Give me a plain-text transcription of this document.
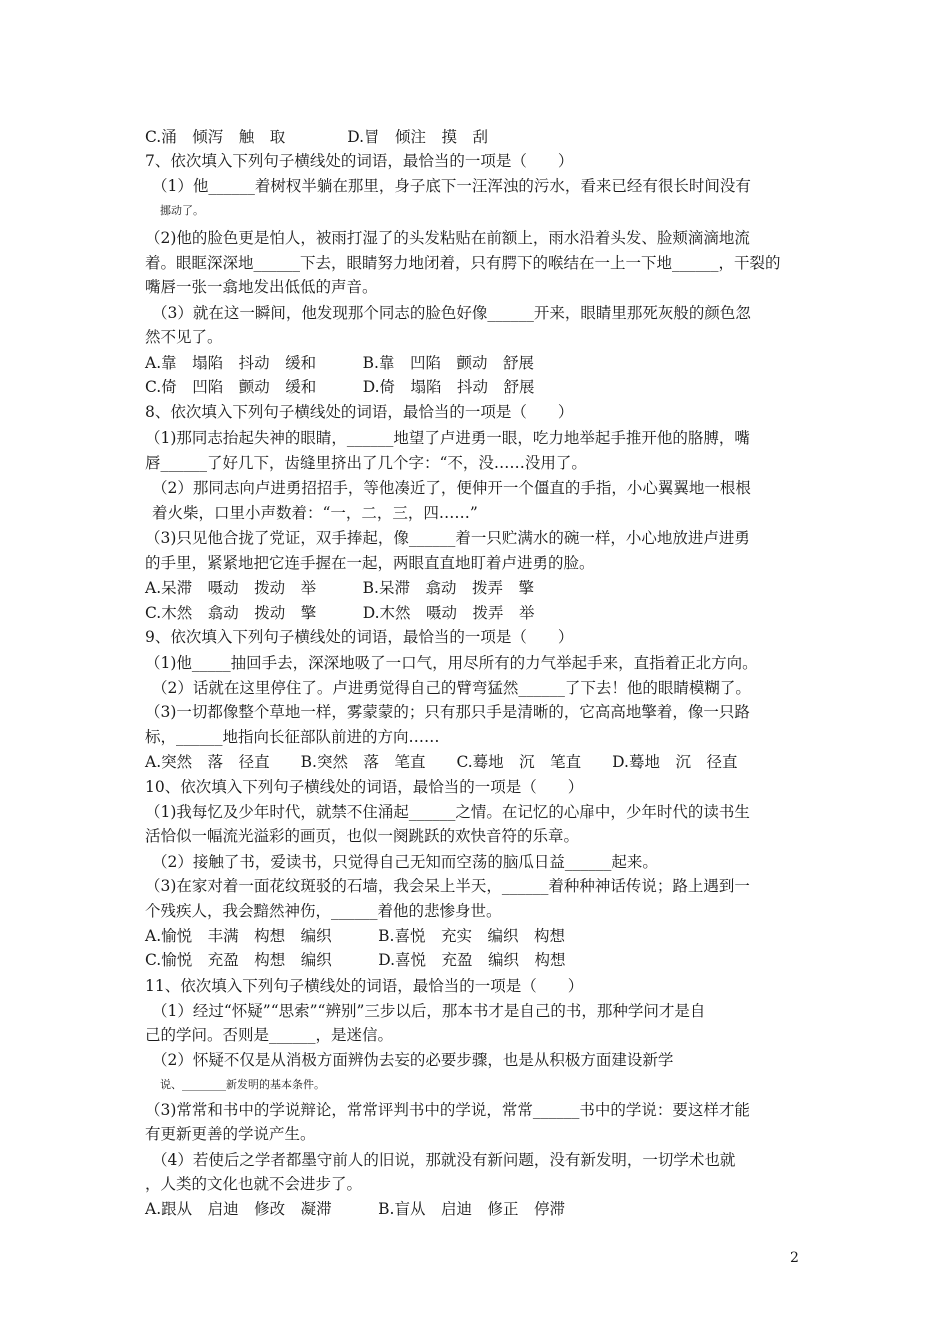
C.涌　倾泻　触　取　　　　D.冒　倾注　摸　刮
7、依次填入下列句子横线处的词语，最恰当的一项是（　　）
（1）他______着树杈半躺在那里，身子底下一汪浑浊的污水，看来已经有很长时间没有
挪动了。
（2)他的脸色更是怕人，被雨打湿了的头发粘贴在前额上，雨水沿着头发、脸颊滴滴地流
着。眼眶深深地______下去，眼睛努力地闭着，只有腭下的喉结在一上一下地______，干裂的
嘴唇一张一翕地发出低低的声音。
（3）就在这一瞬间，他发现那个同志的脸色好像______开来，眼睛里那死灰般的颜色忽
然不见了。
A.靠　塌陷　抖动　缓和　　　B.靠　凹陷　颤动　舒展
C.倚　凹陷　颤动　缓和　　　D.倚　塌陷　抖动　舒展
8、依次填入下列句子横线处的词语，最恰当的一项是（　　）
（1)那同志抬起失神的眼睛，______地望了卢进勇一眼，吃力地举起手推开他的胳膊，嘴
唇______了好几下，齿缝里挤出了几个字：“不，没……没用了。
（2）那同志向卢进勇招招手，等他凑近了，便伸开一个僵直的手指，小心翼翼地一根根
着火柴，口里小声数着：“一，二，三，四……”
（3)只见他合拢了党证，双手捧起，像______着一只贮满水的碗一样，小心地放进卢进勇
的手里，紧紧地把它连手握在一起，两眼直直地盯着卢进勇的脸。
A.呆滞　嗫动　拨动　举　　　B.呆滞　翕动　拨弄　擎
C.木然　翕动　拨动　擎　　　D.木然　嗫动　拨弄　举
9、依次填入下列句子横线处的词语，最恰当的一项是（　　）
（1)他_____抽回手去，深深地吸了一口气，用尽所有的力气举起手来，直指着正北方向。
（2）话就在这里停住了。卢进勇觉得自己的臂弯猛然______了下去！他的眼睛模糊了。
（3)一切都像整个草地一样，雾蒙蒙的；只有那只手是清晰的，它高高地擎着，像一只路
标，______地指向长征部队前进的方向……
A.突然　落　径直　　B.突然　落　笔直　　C.蓦地　沉　笔直　　D.蓦地　沉　径直
10、依次填入下列句子横线处的词语，最恰当的一项是（　　）
（1)我每忆及少年时代，就禁不住涌起______之情。在记忆的心扉中，少年时代的读书生
活恰似一幅流光溢彩的画页，也似一阕跳跃的欢快音符的乐章。
（2）接触了书，爱读书，只觉得自己无知而空荡的脑瓜日益______起来。
（3)在家对着一面花纹斑驳的石墙，我会呆上半天，______着种种神话传说；路上遇到一
个残疾人，我会黯然神伤，______着他的悲惨身世。
A.愉悦　丰满　构想　编织　　　B.喜悦　充实　编织　构想
C.愉悦　充盈　构想　编织　　　D.喜悦　充盈　编织　构想
11、依次填入下列句子横线处的词语，最恰当的一项是（　　）
（1）经过“怀疑”“思索”“辨别”三步以后，那本书才是自己的书，那种学问才是自
己的学问。否则是______，是迷信。
（2）怀疑不仅是从消极方面辨伪去妄的必要步骤，也是从积极方面建设新学
说、________新发明的基本条件。
（3)常常和书中的学说辩论，常常评判书中的学说，常常______书中的学说：要这样才能
有更新更善的学说产生。
（4）若使后之学者都墨守前人的旧说，那就没有新问题，没有新发明，一切学术也就
，人类的文化也就不会进步了。
A.跟从　启迪　修改　凝滞　　　B.盲从　启迪　修正　停滞
2
